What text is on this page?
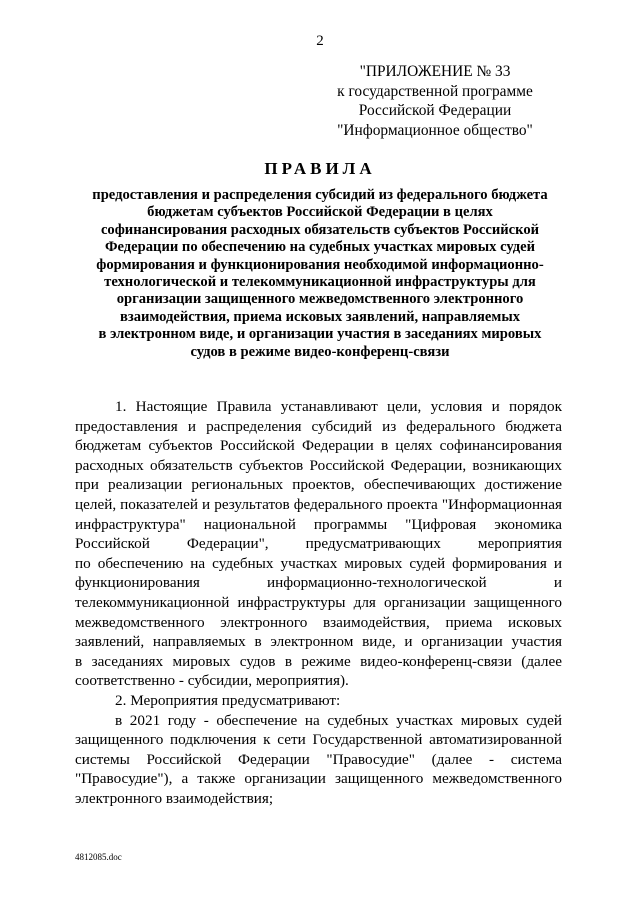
2
"ПРИЛОЖЕНИЕ № 33
к государственной программе
Российской Федерации
"Информационное общество"
ПРАВИЛА
предоставления и распределения субсидий из федерального бюджета
бюджетам субъектов Российской Федерации в целях
софинансирования расходных обязательств субъектов Российской
Федерации по обеспечению на судебных участках мировых судей
формирования и функционирования необходимой информационно-
технологической и телекоммуникационной инфраструктуры для
организации защищенного межведомственного электронного
взаимодействия, приема исковых заявлений, направляемых
в электронном виде, и организации участия в заседаниях мировых
судов в режиме видео-конференц-связи
1. Настоящие Правила устанавливают цели, условия и порядок
предоставления и распределения субсидий из федерального бюджета
бюджетам субъектов Российской Федерации в целях софинансирования
расходных обязательств субъектов Российской Федерации, возникающих
при реализации региональных проектов, обеспечивающих достижение
целей, показателей и результатов федерального проекта "Информационная
инфраструктура" национальной программы "Цифровая экономика
Российской Федерации", предусматривающих мероприятия
по обеспечению на судебных участках мировых судей формирования и
функционирования информационно-технологической и
телекоммуникационной инфраструктуры для организации защищенного
межведомственного электронного взаимодействия, приема исковых
заявлений, направляемых в электронном виде, и организации участия
в заседаниях мировых судов в режиме видео-конференц-связи (далее
соответственно - субсидии, мероприятия).
2. Мероприятия предусматривают:
в 2021 году - обеспечение на судебных участках мировых судей
защищенного подключения к сети Государственной автоматизированной
системы Российской Федерации "Правосудие" (далее - система
"Правосудие"), а также организации защищенного межведомственного
электронного взаимодействия;
4812085.doc
